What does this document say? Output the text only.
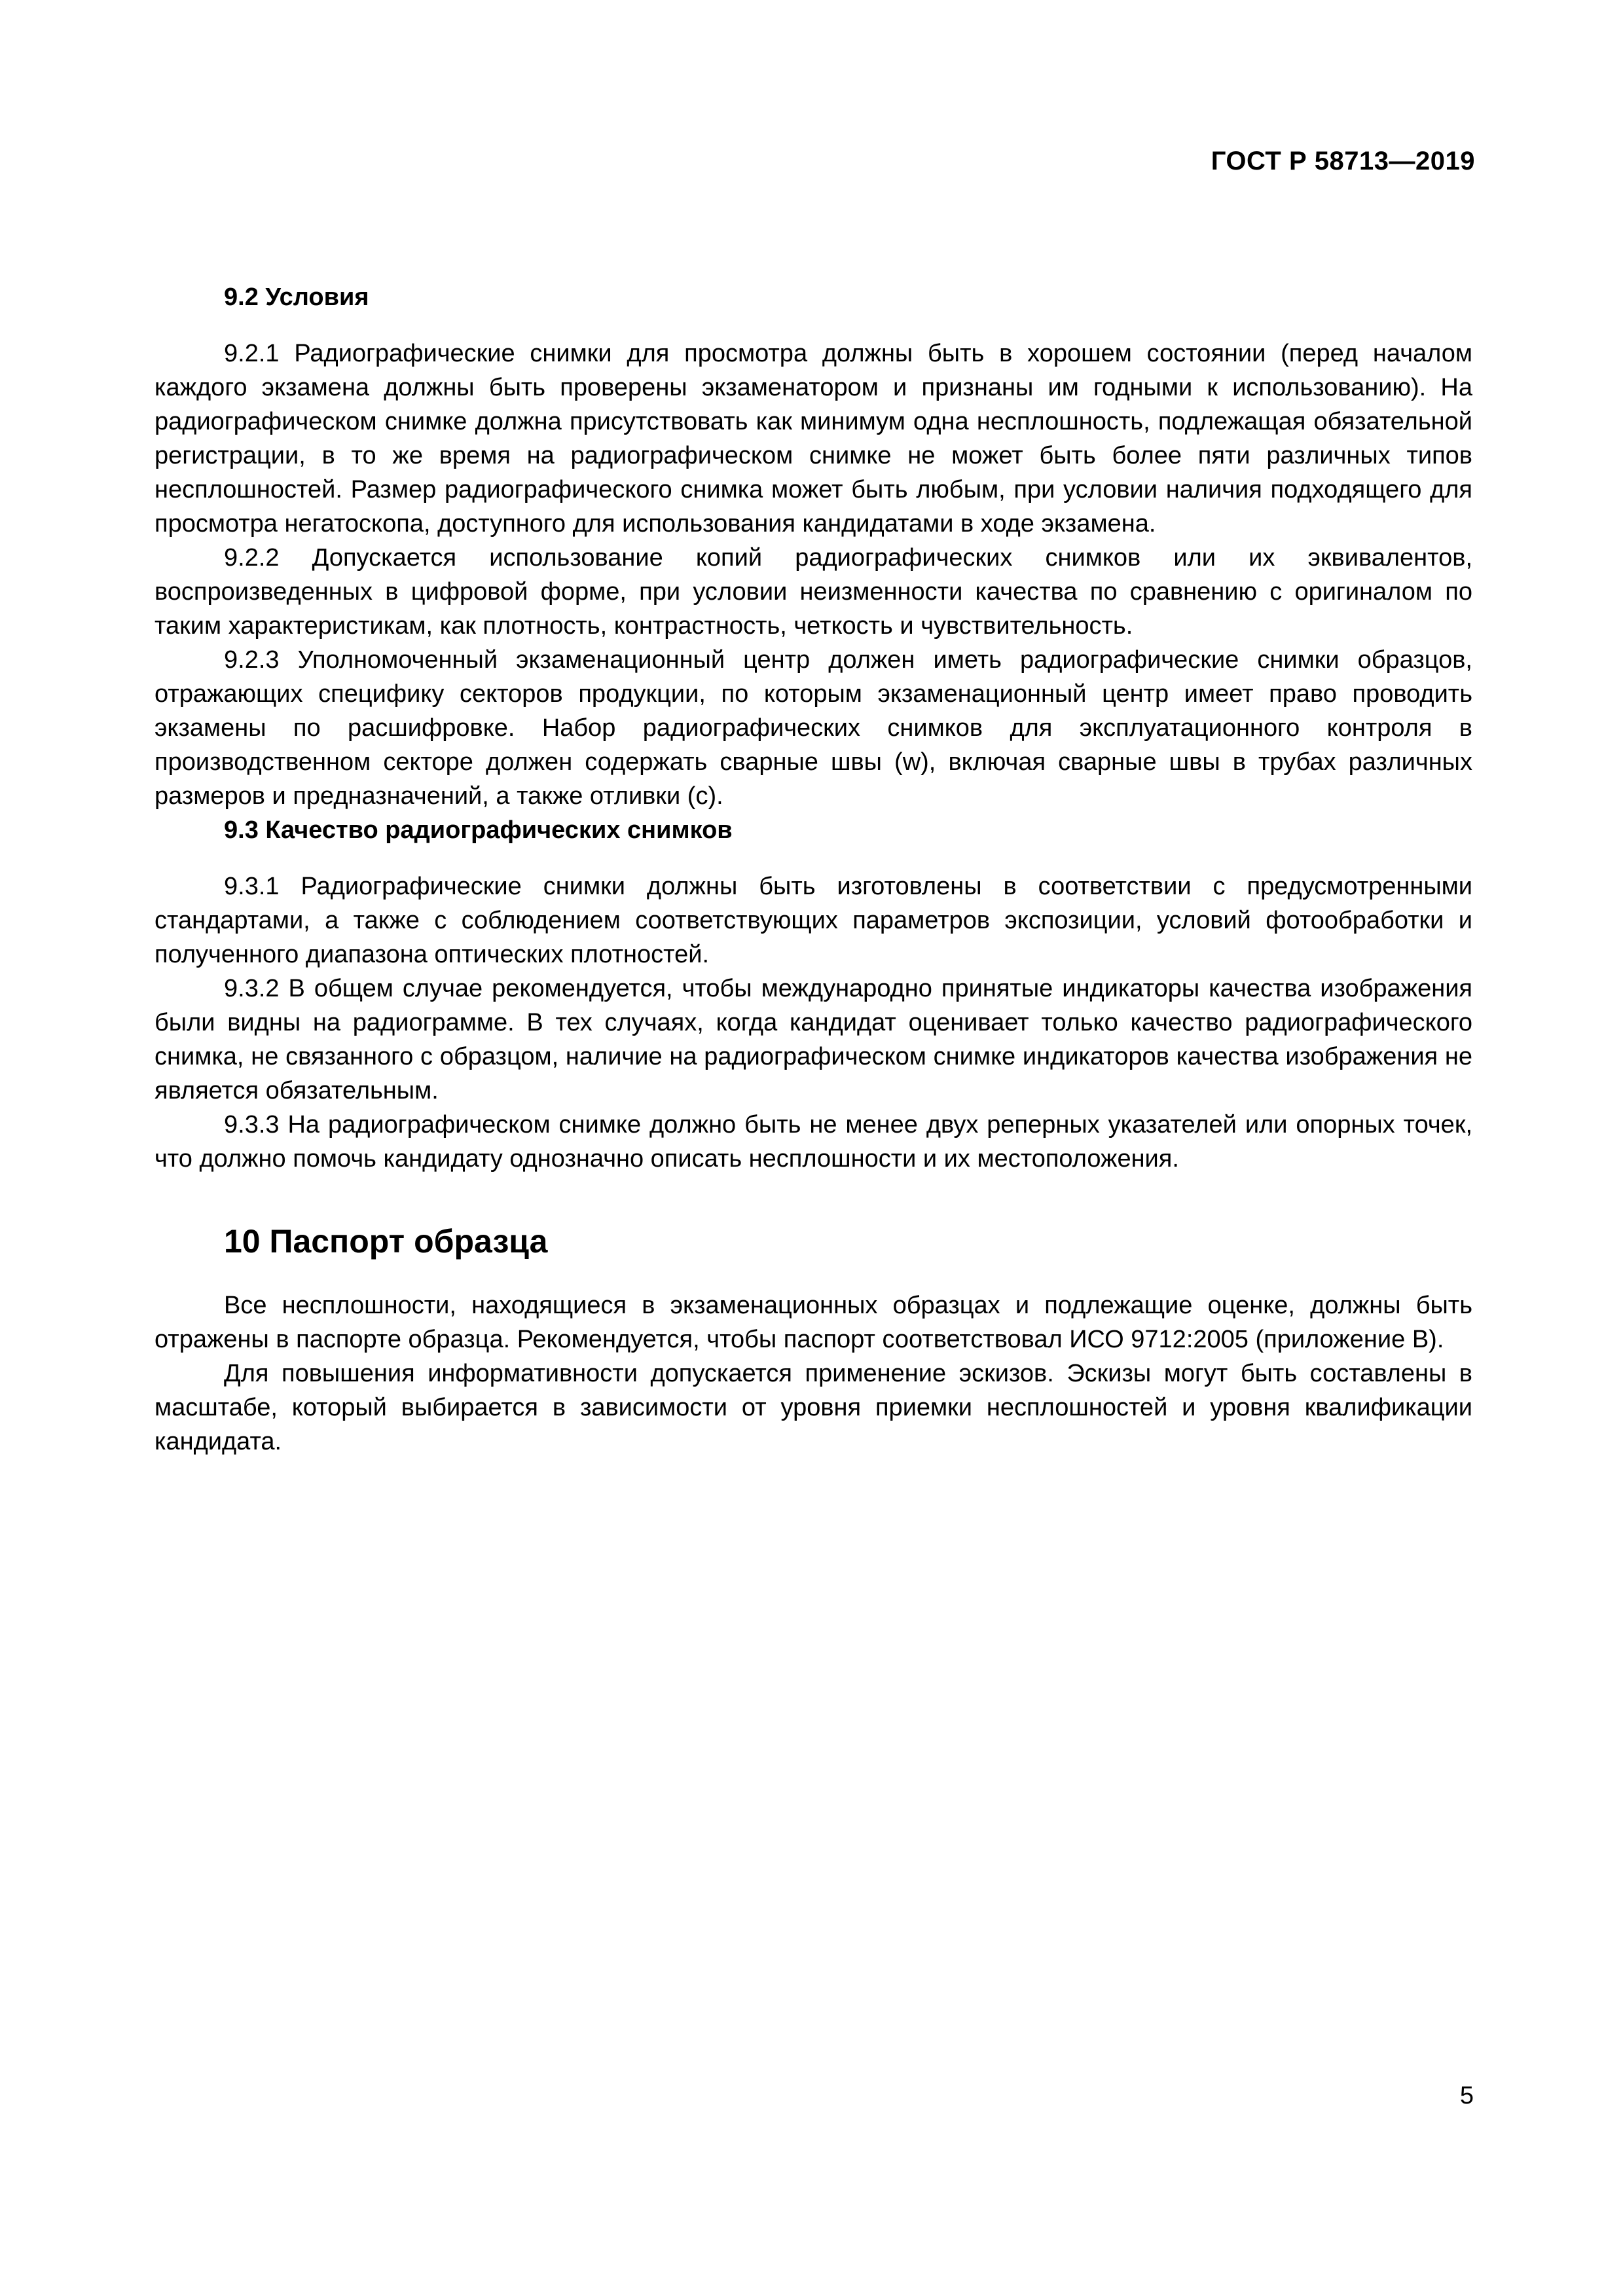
ГОСТ Р 58713—2019
9.2 Условия

9.2.1 Радиографические снимки для просмотра должны быть в хорошем состоянии (перед началом каждого экзамена должны быть проверены экзаменатором и признаны им годными к использованию). На радиографическом снимке должна присутствовать как минимум одна несплошность, подлежащая обязательной регистрации, в то же время на радиографическом снимке не может быть более пяти различных типов несплошностей. Размер радиографического снимка может быть любым, при условии наличия подходящего для просмотра негатоскопа, доступного для использования кандидатами в ходе экзамена.

9.2.2 Допускается использование копий радиографических снимков или их эквивалентов, воспроизведенных в цифровой форме, при условии неизменности качества по сравнению с оригиналом по таким характеристикам, как плотность, контрастность, четкость и чувствительность.

9.2.3 Уполномоченный экзаменационный центр должен иметь радиографические снимки образцов, отражающих специфику секторов продукции, по которым экзаменационный центр имеет право проводить экзамены по расшифровке. Набор радиографических снимков для эксплуатационного контроля в производственном секторе должен содержать сварные швы (w), включая сварные швы в трубах различных размеров и предназначений, а также отливки (c).

9.3 Качество радиографических снимков

9.3.1 Радиографические снимки должны быть изготовлены в соответствии с предусмотренными стандартами, а также с соблюдением соответствующих параметров экспозиции, условий фотообработки и полученного диапазона оптических плотностей.

9.3.2 В общем случае рекомендуется, чтобы международно принятые индикаторы качества изображения были видны на радиограмме. В тех случаях, когда кандидат оценивает только качество радиографического снимка, не связанного с образцом, наличие на радиографическом снимке индикаторов качества изображения не является обязательным.

9.3.3 На радиографическом снимке должно быть не менее двух реперных указателей или опорных точек, что должно помочь кандидату однозначно описать несплошности и их местоположения.

10 Паспорт образца

Все несплошности, находящиеся в экзаменационных образцах и подлежащие оценке, должны быть отражены в паспорте образца. Рекомендуется, чтобы паспорт соответствовал ИСО 9712:2005 (приложение B).

Для повышения информативности допускается применение эскизов. Эскизы могут быть составлены в масштабе, который выбирается в зависимости от уровня приемки несплошностей и уровня квалификации кандидата.

5
